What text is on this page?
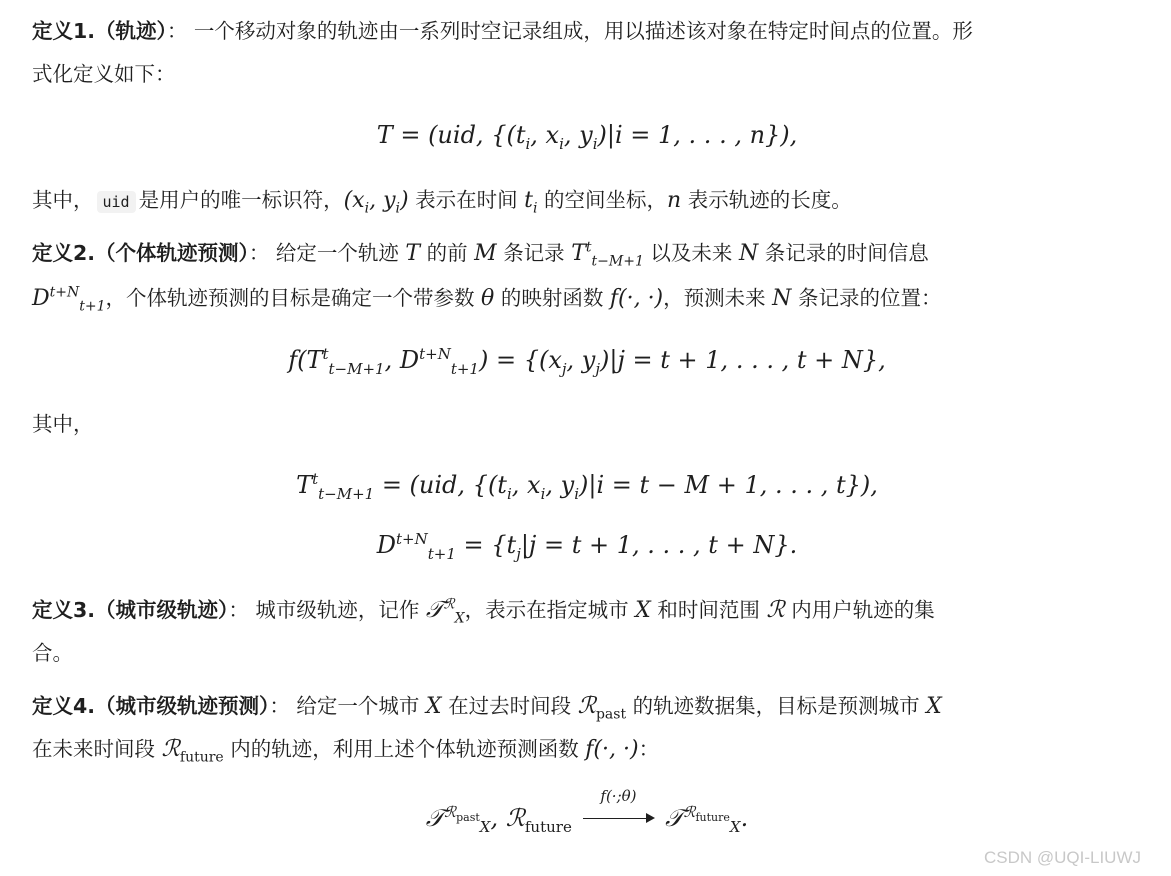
定义1.（轨迹）： 一个移动对象的轨迹由一系列时空记录组成，用以描述该对象在特定时间点的位置。形

式化定义如下：

T = (uid, {($t_i$, $x_i$, $y_i)|i = 1$, . . . , n}),

其中， uid 是用户的唯一标识符，($x_i$, $y_i$) 表示在时间 $t_i$ 的空间坐标，n 表示轨迹的长度。

定义2.（个体轨迹预测）： 给定一个轨迹 T 的前 M 条记录 $T^t_{t-M+1}$ 以及未来 N 条记录的时间信息

$D^{t+N}_{t+1}$，个体轨迹预测的目标是确定一个带参数 θ 的映射函数 f(·, ·)，预测未来 N 条记录的位置：

$f(T^t_{t-M+1}$, $D^{t+N}_{t+1}) = \{(x_j$, $y_j)|j = t + 1$, . . . , t + N},

其中，

$T^t_{t-M+1} = (uid$, {($t_i$, $x_i$, $y_i)|i = t - M + 1$, . . . , t}),
$D^{t+N}_{t+1} = \{t_j|j = t + 1$, . . . , t + N}.

定义3.（城市级轨迹）： 城市级轨迹，记作 𝒯$^ℛ_X$，表示在指定城市 X 和时间范围 ℛ 内用户轨迹的集

合。

定义4.（城市级轨迹预测）： 给定一个城市 X 在过去时间段 ℛ$_{past}$ 的轨迹数据集，目标是预测城市 X

在未来时间段 ℛ$_{future}$ 内的轨迹，利用上述个体轨迹预测函数 f(·, ·)：

𝒯$^{ℛ_{past}}_X$, ℛ$_{future}$
f(·;θ)
𝒯$^{ℛ_{future}}_X$.
CSDN @UQI-LIUWJ
